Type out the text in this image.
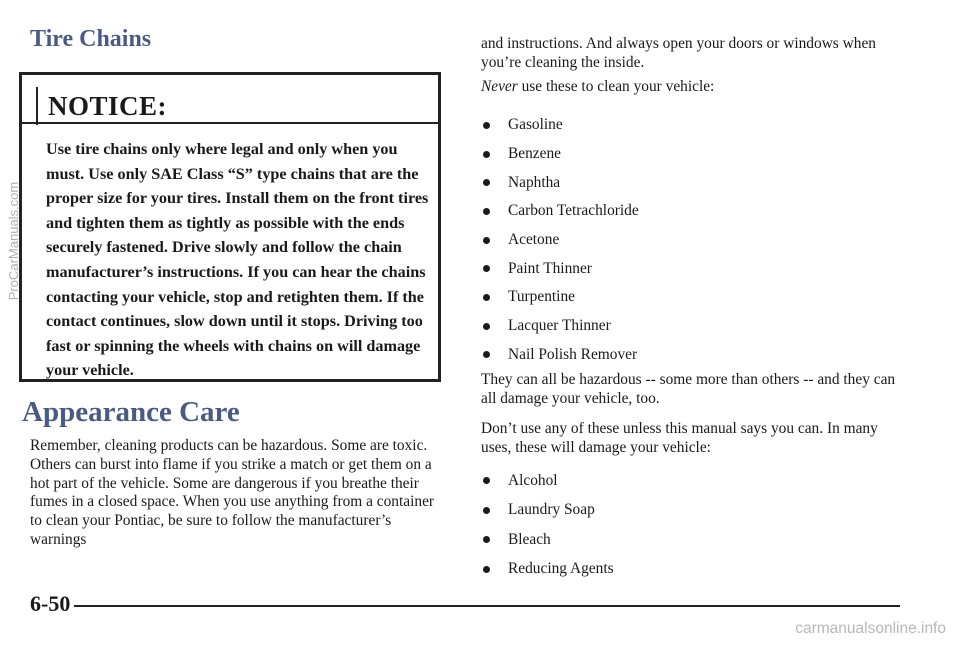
Tire Chains
NOTICE:

Use tire chains only where legal and only when you must. Use only SAE Class “S” type chains that are the proper size for your tires. Install them on the front tires and tighten them as tightly as possible with the ends securely fastened. Drive slowly and follow the chain manufacturer’s instructions. If you can hear the chains contacting your vehicle, stop and retighten them. If the contact continues, slow down until it stops. Driving too fast or spinning the wheels with chains on will damage your vehicle.

Appearance Care

Remember, cleaning products can be hazardous. Some are toxic. Others can burst into flame if you strike a match or get them on a hot part of the vehicle. Some are dangerous if you breathe their fumes in a closed space. When you use anything from a container to clean your Pontiac, be sure to follow the manufacturer’s warnings

and instructions. And always open your doors or windows when you’re cleaning the inside.

Never use these to clean your vehicle:

Gasoline
Benzene
Naphtha
Carbon Tetrachloride
Acetone
Paint Thinner
Turpentine
Lacquer Thinner
Nail Polish Remover

They can all be hazardous -- some more than others -- and they can all damage your vehicle, too.

Don’t use any of these unless this manual says you can. In many uses, these will damage your vehicle:

Alcohol
Laundry Soap
Bleach
Reducing Agents
6-50
ProCarManuals.com
carmanualsonline.info
